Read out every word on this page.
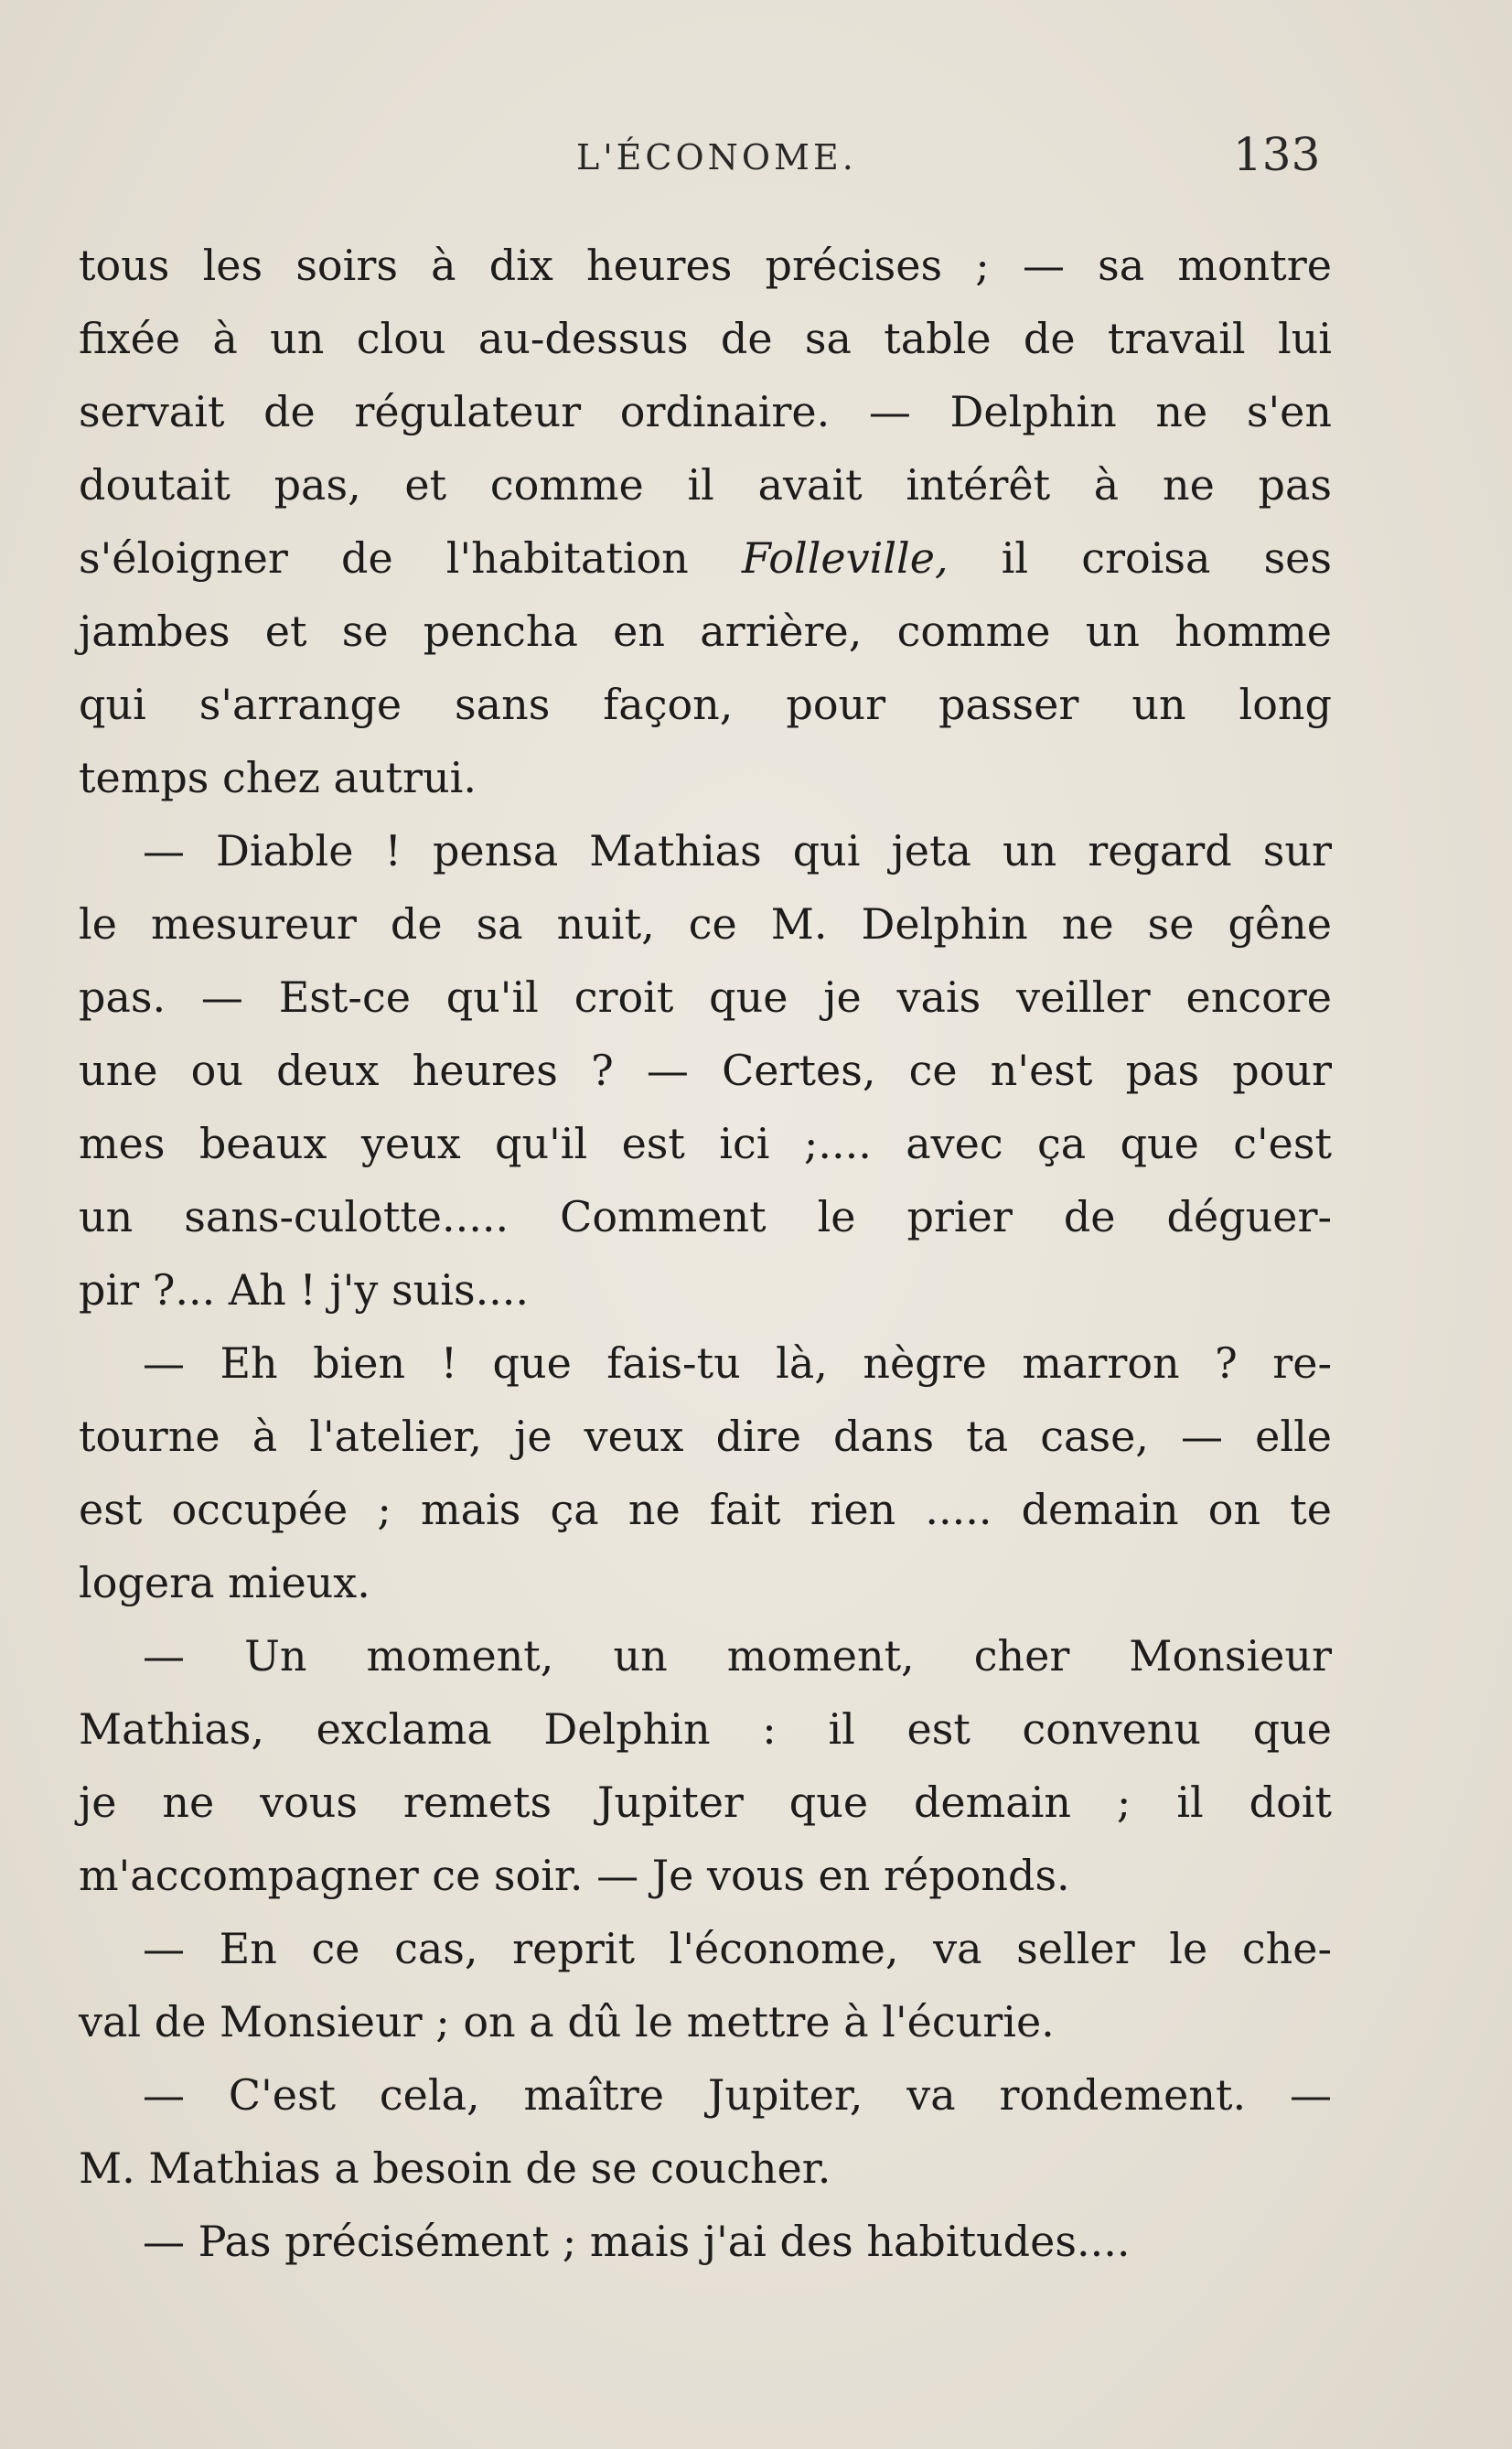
L'ÉCONOME.	133
tous les soirs à dix heures précises ; — sa montre
fixée à un clou au-dessus de sa table de travail lui
servait de régulateur ordinaire. — Delphin ne s'en
doutait pas, et comme il avait intérêt à ne pas
s'éloigner de l'habitation Folleville, il croisa ses
jambes et se pencha en arrière, comme un homme
qui s'arrange sans façon, pour passer un long
temps chez autrui.
— Diable ! pensa Mathias qui jeta un regard sur
le mesureur de sa nuit, ce M. Delphin ne se gêne
pas. — Est-ce qu'il croit que je vais veiller encore
une ou deux heures ? — Certes, ce n'est pas pour
mes beaux yeux qu'il est ici ;.... avec ça que c'est
un sans-culotte..... Comment le prier de déguer-
pir ?... Ah ! j'y suis....
— Eh bien ! que fais-tu là, nègre marron ? re-
tourne à l'atelier, je veux dire dans ta case, — elle
est occupée ; mais ça ne fait rien ..... demain on te
logera mieux.
— Un moment, un moment, cher Monsieur
Mathias, exclama Delphin : il est convenu que
je ne vous remets Jupiter que demain ; il doit
m'accompagner ce soir. — Je vous en réponds.
— En ce cas, reprit l'économe, va seller le che-
val de Monsieur ; on a dû le mettre à l'écurie.
— C'est cela, maître Jupiter, va rondement. —
M. Mathias a besoin de se coucher.
— Pas précisément ; mais j'ai des habitudes....
